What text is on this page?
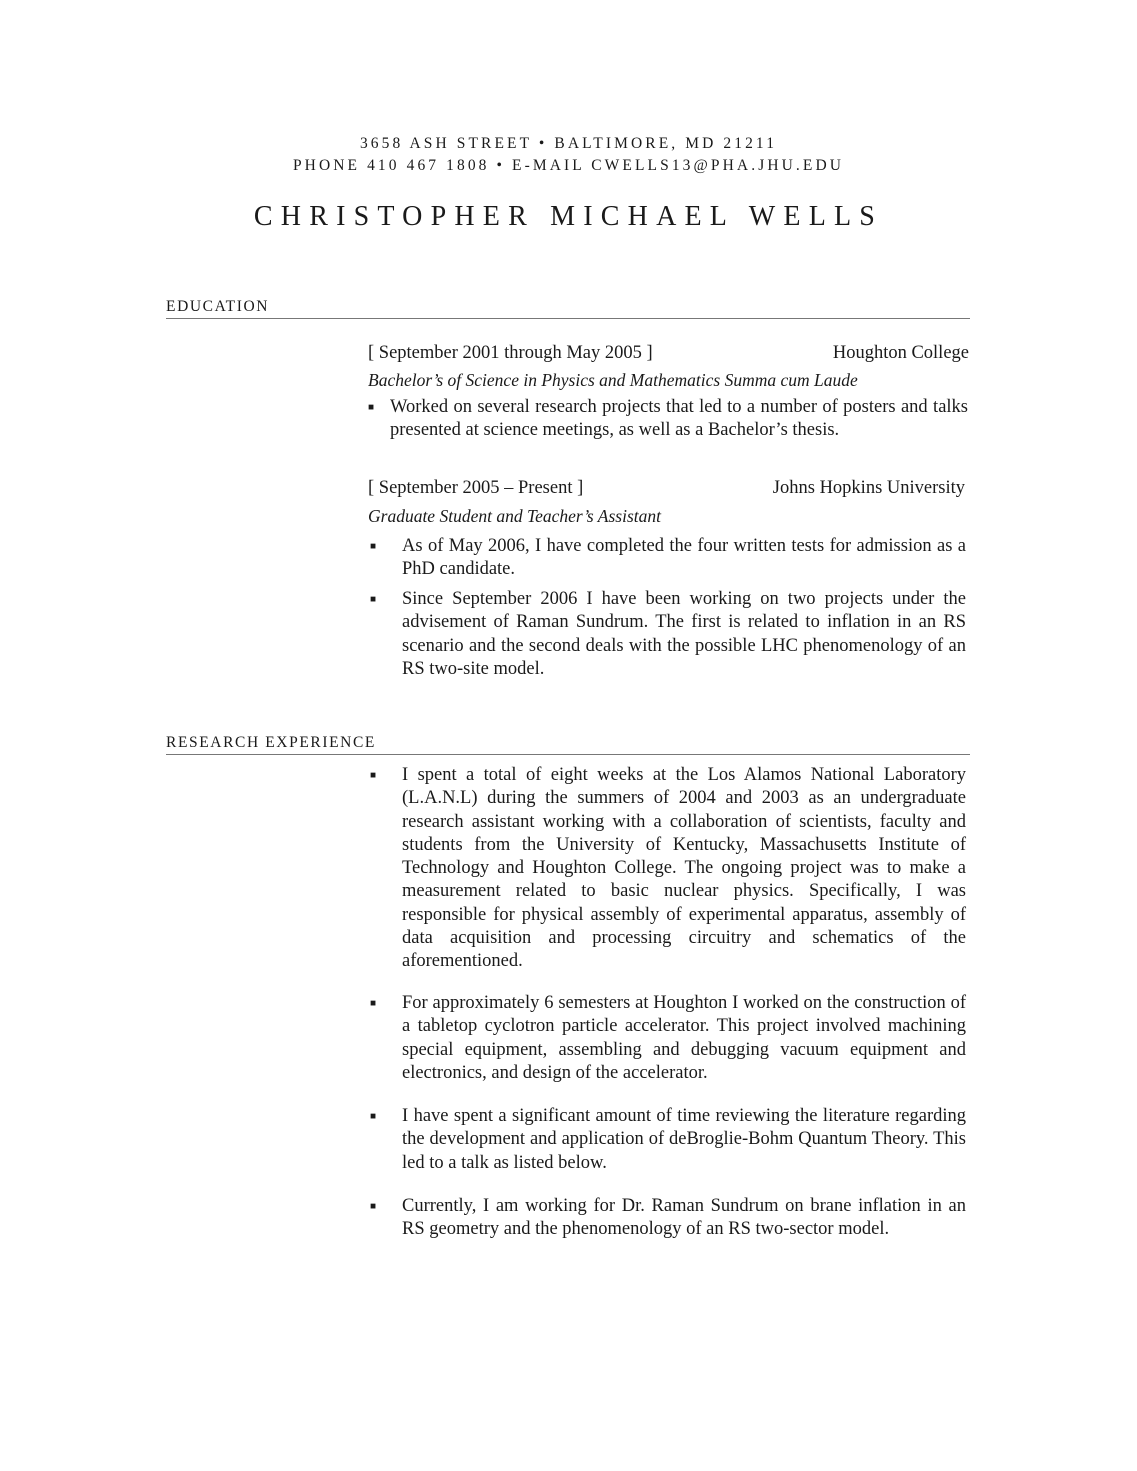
3658 ASH STREET • BALTIMORE, MD 21211
PHONE 410 467 1808 • E-MAIL CWELLS13@PHA.JHU.EDU
CHRISTOPHER MICHAEL WELLS
EDUCATION
[ September 2001 through May 2005 ]	Houghton College
Bachelor’s of Science in Physics and Mathematics Summa cum Laude
■ Worked on several research projects that led to a number of posters and talks presented at science meetings, as well as a Bachelor’s thesis.
[ September 2005 – Present ]	Johns Hopkins University
Graduate Student and Teacher’s Assistant
■ As of May 2006, I have completed the four written tests for admission as a PhD candidate.
■ Since September 2006 I have been working on two projects under the advisement of Raman Sundrum. The first is related to inflation in an RS scenario and the second deals with the possible LHC phenomenology of an RS two-site model.
RESEARCH EXPERIENCE
■ I spent a total of eight weeks at the Los Alamos National Laboratory (L.A.N.L) during the summers of 2004 and 2003 as an undergraduate research assistant working with a collaboration of scientists, faculty and students from the University of Kentucky, Massachusetts Institute of Technology and Houghton College. The ongoing project was to make a measurement related to basic nuclear physics. Specifically, I was responsible for physical assembly of experimental apparatus, assembly of data acquisition and processing circuitry and schematics of the aforementioned.
■ For approximately 6 semesters at Houghton I worked on the construction of a tabletop cyclotron particle accelerator. This project involved machining special equipment, assembling and debugging vacuum equipment and electronics, and design of the accelerator.
■ I have spent a significant amount of time reviewing the literature regarding the development and application of deBroglie-Bohm Quantum Theory. This led to a talk as listed below.
■ Currently, I am working for Dr. Raman Sundrum on brane inflation in an RS geometry and the phenomenology of an RS two-sector model.
